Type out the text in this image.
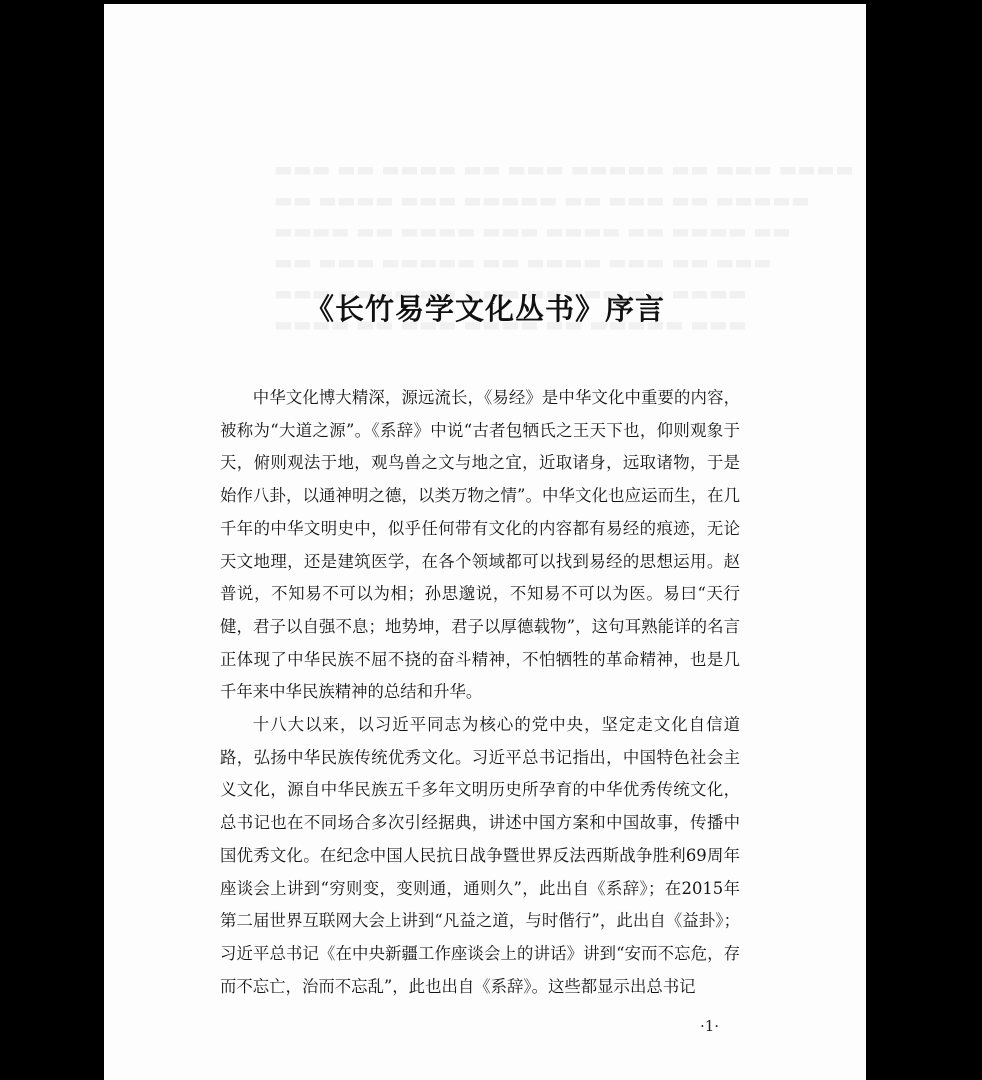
《长竹易学文化丛书》序言

中华文化博大精深，源远流长，《易经》是中华文化中重要的内容，被称为“大道之源”。《系辞》中说“古者包牺氏之王天下也，仰则观象于天，俯则观法于地，观鸟兽之文与地之宜，近取诸身，远取诸物，于是始作八卦，以通神明之德，以类万物之情”。中华文化也应运而生，在几千年的中华文明史中，似乎任何带有文化的内容都有易经的痕迹，无论天文地理，还是建筑医学，在各个领域都可以找到易经的思想运用。赵普说，不知易不可以为相；孙思邈说，不知易不可以为医。易曰“天行健，君子以自强不息；地势坤，君子以厚德载物”，这句耳熟能详的名言正体现了中华民族不屈不挠的奋斗精神，不怕牺牲的革命精神，也是几千年来中华民族精神的总结和升华。

十八大以来，以习近平同志为核心的党中央，坚定走文化自信道路，弘扬中华民族传统优秀文化。习近平总书记指出，中国特色社会主义文化，源自中华民族五千多年文明历史所孕育的中华优秀传统文化，总书记也在不同场合多次引经据典，讲述中国方案和中国故事，传播中国优秀文化。在纪念中国人民抗日战争暨世界反法西斯战争胜利69周年座谈会上讲到“穷则变，变则通，通则久”，此出自《系辞》；在2015年第二届世界互联网大会上讲到“凡益之道，与时偕行”，此出自《益卦》；习近平总书记《在中央新疆工作座谈会上的讲话》讲到“安而不忘危，存而不忘亡，治而不忘乱”，此也出自《系辞》。这些都显示出总书记

·1·
